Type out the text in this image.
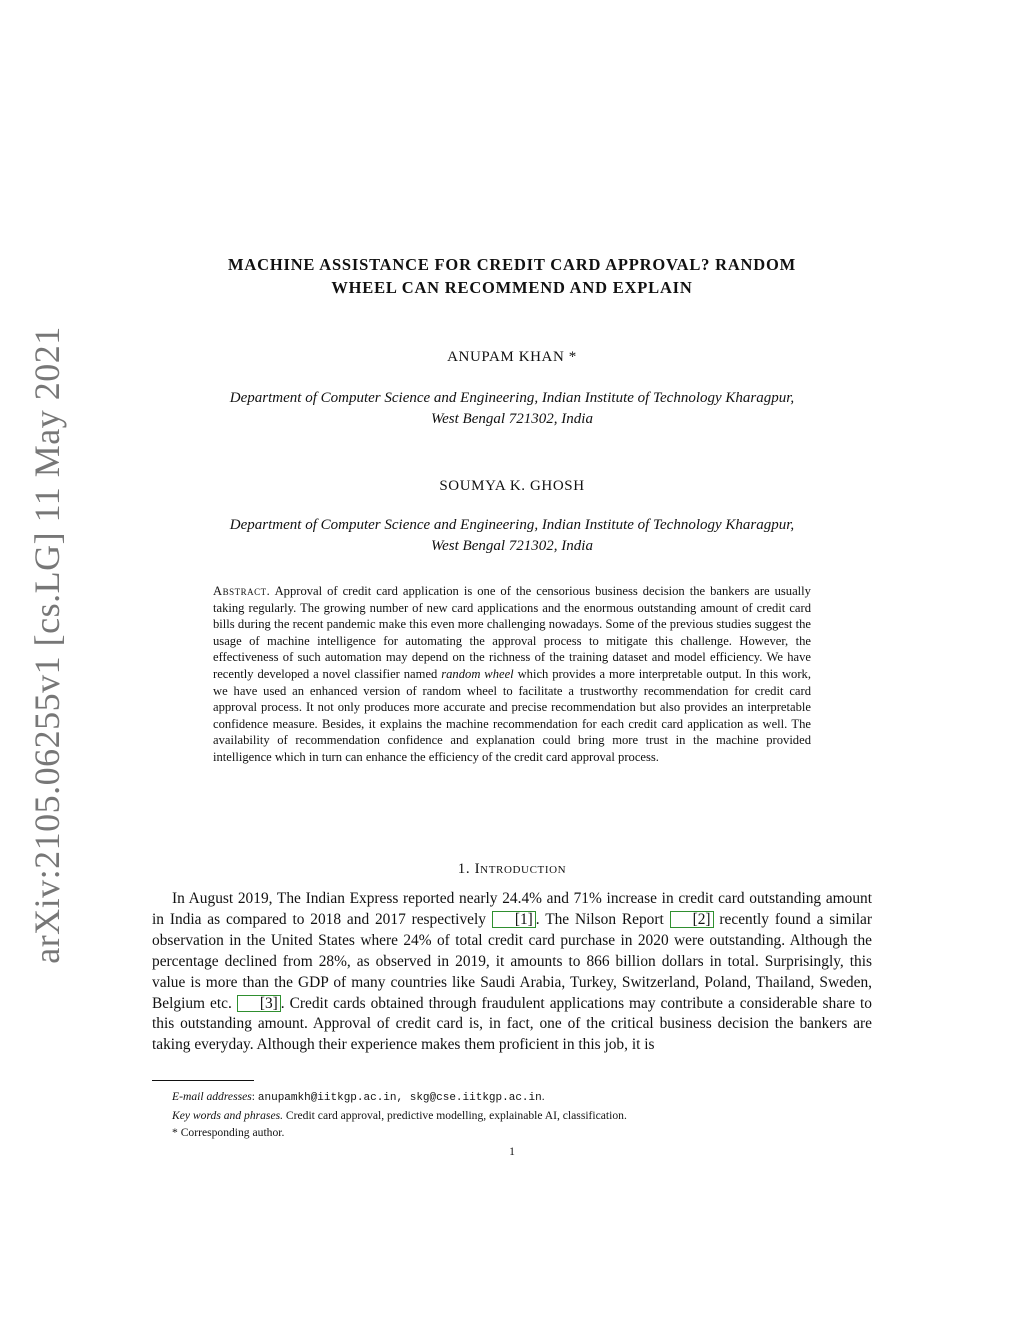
arXiv:2105.06255v1 [cs.LG] 11 May 2021
MACHINE ASSISTANCE FOR CREDIT CARD APPROVAL? RANDOM
WHEEL CAN RECOMMEND AND EXPLAIN
ANUPAM KHAN *
Department of Computer Science and Engineering, Indian Institute of Technology Kharagpur,
West Bengal 721302, India
SOUMYA K. GHOSH
Department of Computer Science and Engineering, Indian Institute of Technology Kharagpur,
West Bengal 721302, India
Abstract. Approval of credit card application is one of the censorious business decision the bankers are usually taking regularly. The growing number of new card applications and the enormous outstanding amount of credit card bills during the recent pandemic make this even more challenging nowadays. Some of the previous studies suggest the usage of machine intelligence for automating the approval process to mitigate this challenge. However, the effectiveness of such automation may depend on the richness of the training dataset and model efficiency. We have recently developed a novel classifier named random wheel which provides a more interpretable output. In this work, we have used an enhanced version of random wheel to facilitate a trustworthy recommendation for credit card approval process. It not only produces more accurate and precise recommendation but also provides an interpretable confidence measure. Besides, it explains the machine recommendation for each credit card application as well. The availability of recommendation confidence and explanation could bring more trust in the machine provided intelligence which in turn can enhance the efficiency of the credit card approval process.
1. Introduction
In August 2019, The Indian Express reported nearly 24.4% and 71% increase in credit card outstanding amount in India as compared to 2018 and 2017 respectively [1] . The Nilson Report [2] recently found a similar observation in the United States where 24% of total credit card purchase in 2020 were outstanding. Although the percentage declined from 28%, as observed in 2019, it amounts to 866 billion dollars in total. Surprisingly, this value is more than the GDP of many countries like Saudi Arabia, Turkey, Switzerland, Poland, Thailand, Sweden, Belgium etc. [3] . Credit cards obtained through fraudulent applications may contribute a considerable share to this outstanding amount. Approval of credit card is, in fact, one of the critical business decision the bankers are taking everyday. Although their experience makes them proficient in this job, it is
E-mail addresses: anupamkh@iitkgp.ac.in, skg@cse.iitkgp.ac.in.
Key words and phrases. Credit card approval, predictive modelling, explainable AI, classification.
* Corresponding author.
1
